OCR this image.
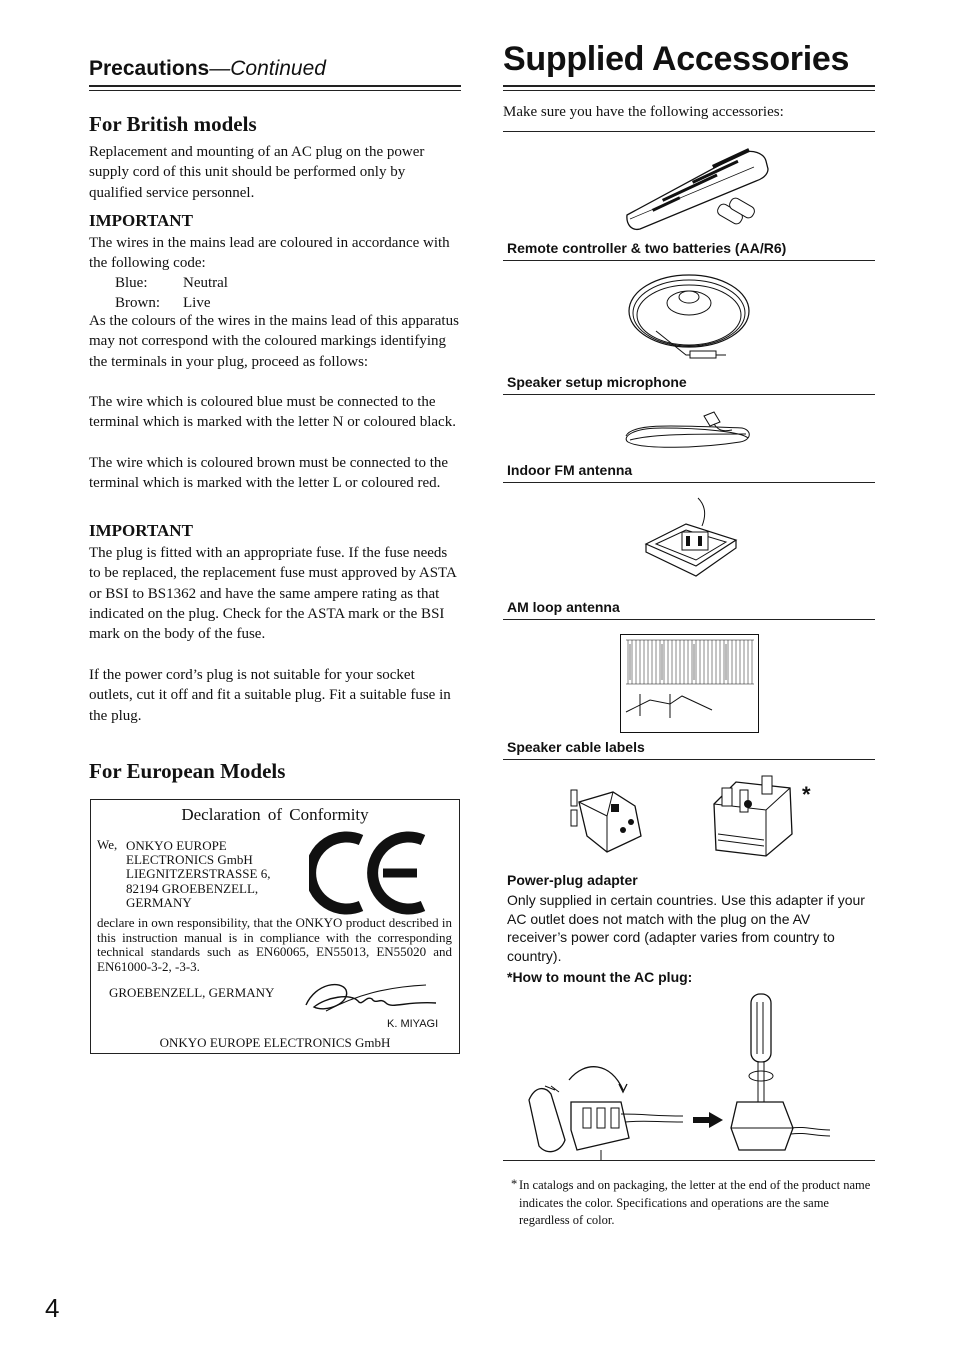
Precautions—Continued
For British models
Replacement and mounting of an AC plug on the power supply cord of this unit should be performed only by qualified service personnel.
IMPORTANT
The wires in the mains lead are coloured in accordance with the following code:
Blue: Neutral
Brown: Live
As the colours of the wires in the mains lead of this apparatus may not correspond with the coloured markings identifying the terminals in your plug, proceed as follows:
The wire which is coloured blue must be connected to the terminal which is marked with the letter N or coloured black.
The wire which is coloured brown must be connected to the terminal which is marked with the letter L or coloured red.
IMPORTANT
The plug is fitted with an appropriate fuse. If the fuse needs to be replaced, the replacement fuse must approved by ASTA or BSI to BS1362 and have the same ampere rating as that indicated on the plug. Check for the ASTA mark or the BSI mark on the body of the fuse.
If the power cord’s plug is not suitable for your socket outlets, cut it off and fit a suitable plug. Fit a suitable fuse in the plug.
For European Models
Declaration of Conformity
We, ONKYO EUROPE
ELECTRONICS GmbH
LIEGNITZERSTRASSE 6,
82194 GROEBENZELL,
GERMANY
declare in own responsibility, that the ONKYO product described in this instruction manual is in compliance with the corresponding technical standards such as EN60065, EN55013, EN55020 and EN61000-3-2, -3-3.
GROEBENZELL, GERMANY
K. MIYAGI
ONKYO EUROPE ELECTRONICS GmbH
4
Supplied Accessories
Make sure you have the following accessories:
Remote controller & two batteries (AA/R6)
Speaker setup microphone
Indoor FM antenna
AM loop antenna
Speaker cable labels
*
Power-plug adapter
Only supplied in certain countries. Use this adapter if your AC outlet does not match with the plug on the AV receiver’s power cord (adapter varies from country to country).
*How to mount the AC plug:
* In catalogs and on packaging, the letter at the end of the product name indicates the color. Specifications and operations are the same regardless of color.
